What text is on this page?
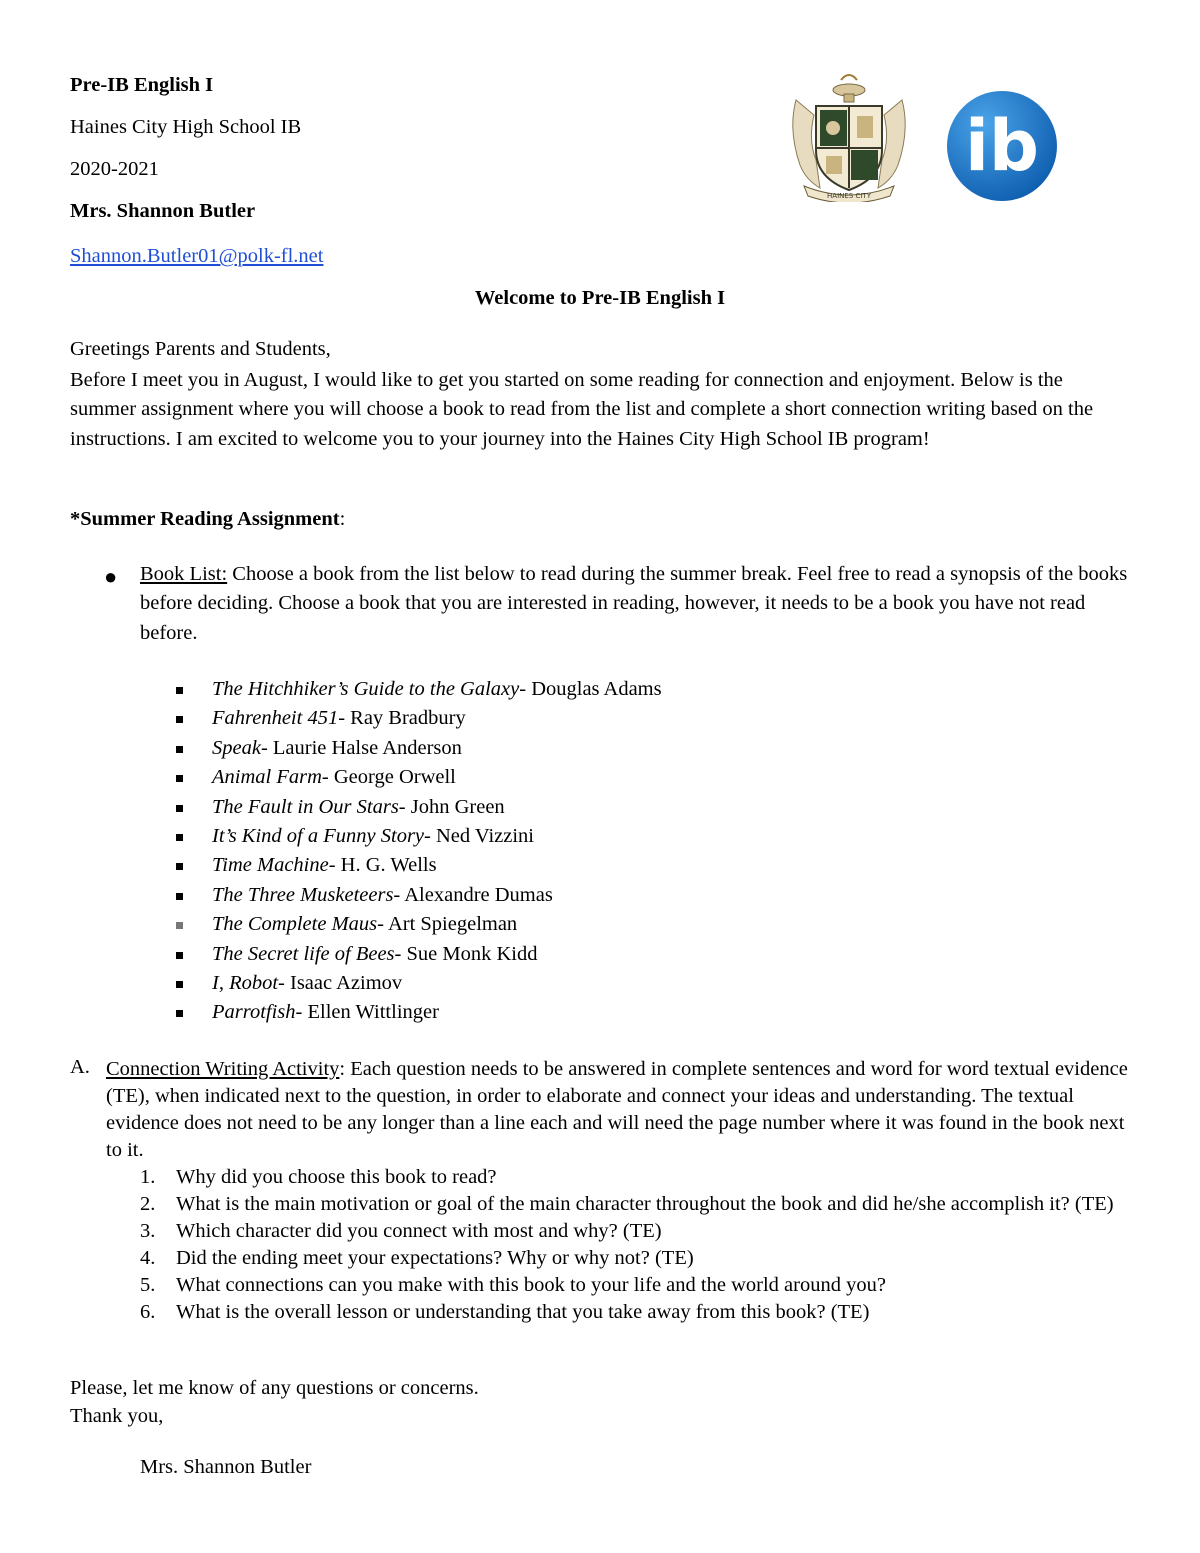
Pre-IB English I
Haines City High School IB
2020-2021
Mrs. Shannon Butler
Shannon.Butler01@polk-fl.net
HAINES CITY
ib
Welcome to Pre-IB English I
Greetings Parents and Students,
Before I meet you in August, I would like to get you started on some reading for connection and enjoyment. Below is the summer assignment where you will choose a book to read from the list and complete a short connection writing based on the instructions. I am excited to welcome you to your journey into the Haines City High School IB program!
*Summer Reading Assignment:
● Book List: Choose a book from the list below to read during the summer break. Feel free to read a synopsis of the books before deciding. Choose a book that you are interested in reading, however, it needs to be a book you have not read before.
The Hitchhiker’s Guide to the Galaxy- Douglas Adams
Fahrenheit 451- Ray Bradbury
Speak- Laurie Halse Anderson
Animal Farm- George Orwell
The Fault in Our Stars- John Green
It’s Kind of a Funny Story- Ned Vizzini
Time Machine- H. G. Wells
The Three Musketeers- Alexandre Dumas
The Complete Maus- Art Spiegelman
The Secret life of Bees- Sue Monk Kidd
I, Robot- Isaac Azimov
Parrotfish- Ellen Wittlinger
A. Connection Writing Activity: Each question needs to be answered in complete sentences and word for word textual evidence (TE), when indicated next to the question, in order to elaborate and connect your ideas and understanding. The textual evidence does not need to be any longer than a line each and will need the page number where it was found in the book next to it.
1. Why did you choose this book to read?
2. What is the main motivation or goal of the main character throughout the book and did he/she accomplish it? (TE)
3. Which character did you connect with most and why? (TE)
4. Did the ending meet your expectations? Why or why not? (TE)
5. What connections can you make with this book to your life and the world around you?
6. What is the overall lesson or understanding that you take away from this book? (TE)
Please, let me know of any questions or concerns.
Thank you,
Mrs. Shannon Butler
